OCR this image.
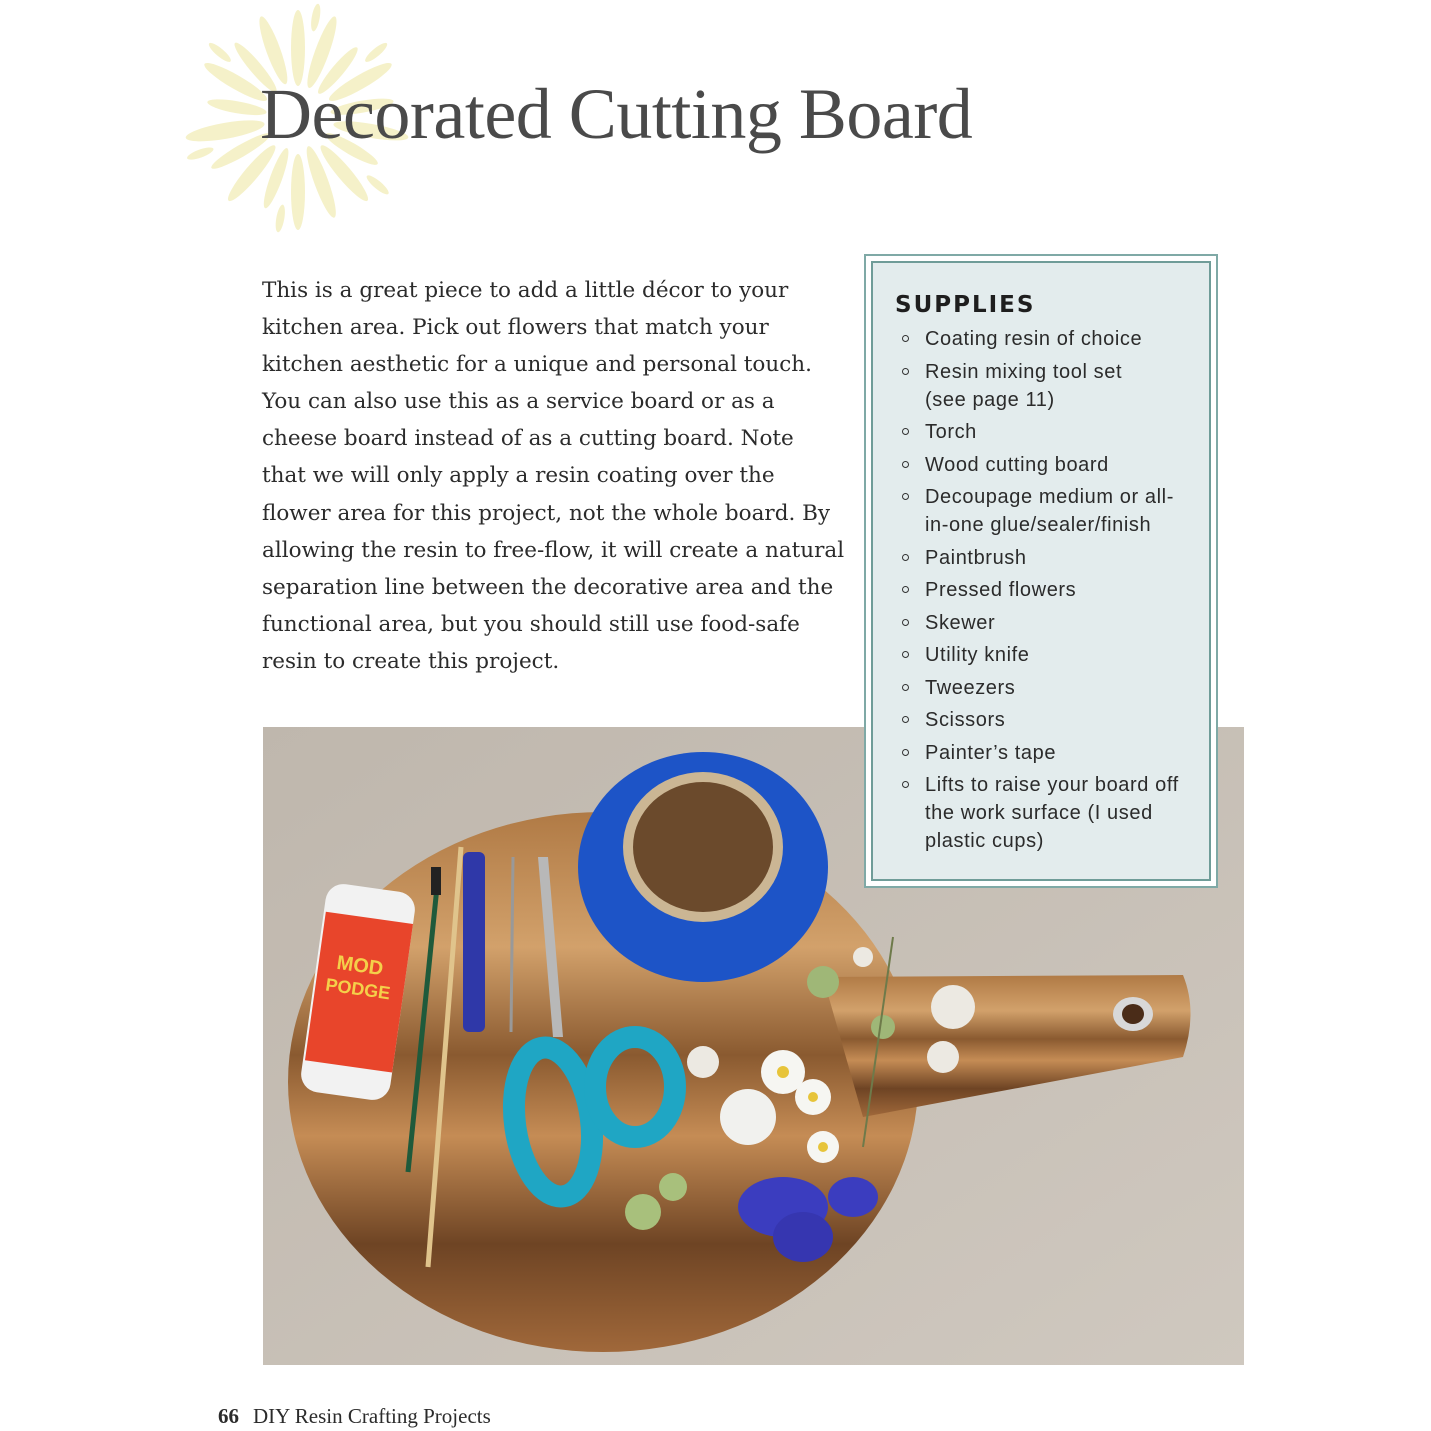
Decorated Cutting Board
This is a great piece to add a little décor to your
kitchen area. Pick out flowers that match your
kitchen aesthetic for a unique and personal touch.
You can also use this as a service board or as a
cheese board instead of as a cutting board. Note
that we will only apply a resin coating over the
flower area for this project, not the whole board. By
allowing the resin to free-flow, it will create a natural
separation line between the decorative area and the
functional area, but you should still use food-safe
resin to create this project.
MOD
PODGE
SUPPLIES
Coating resin of choice
Resin mixing tool set
(see page 11)
Torch
Wood cutting board
Decoupage medium or all-
in-one glue/sealer/finish
Paintbrush
Pressed flowers
Skewer
Utility knife
Tweezers
Scissors
Painter’s tape
Lifts to raise your board off
the work surface (I used
plastic cups)
66 DIY Resin Crafting Projects
